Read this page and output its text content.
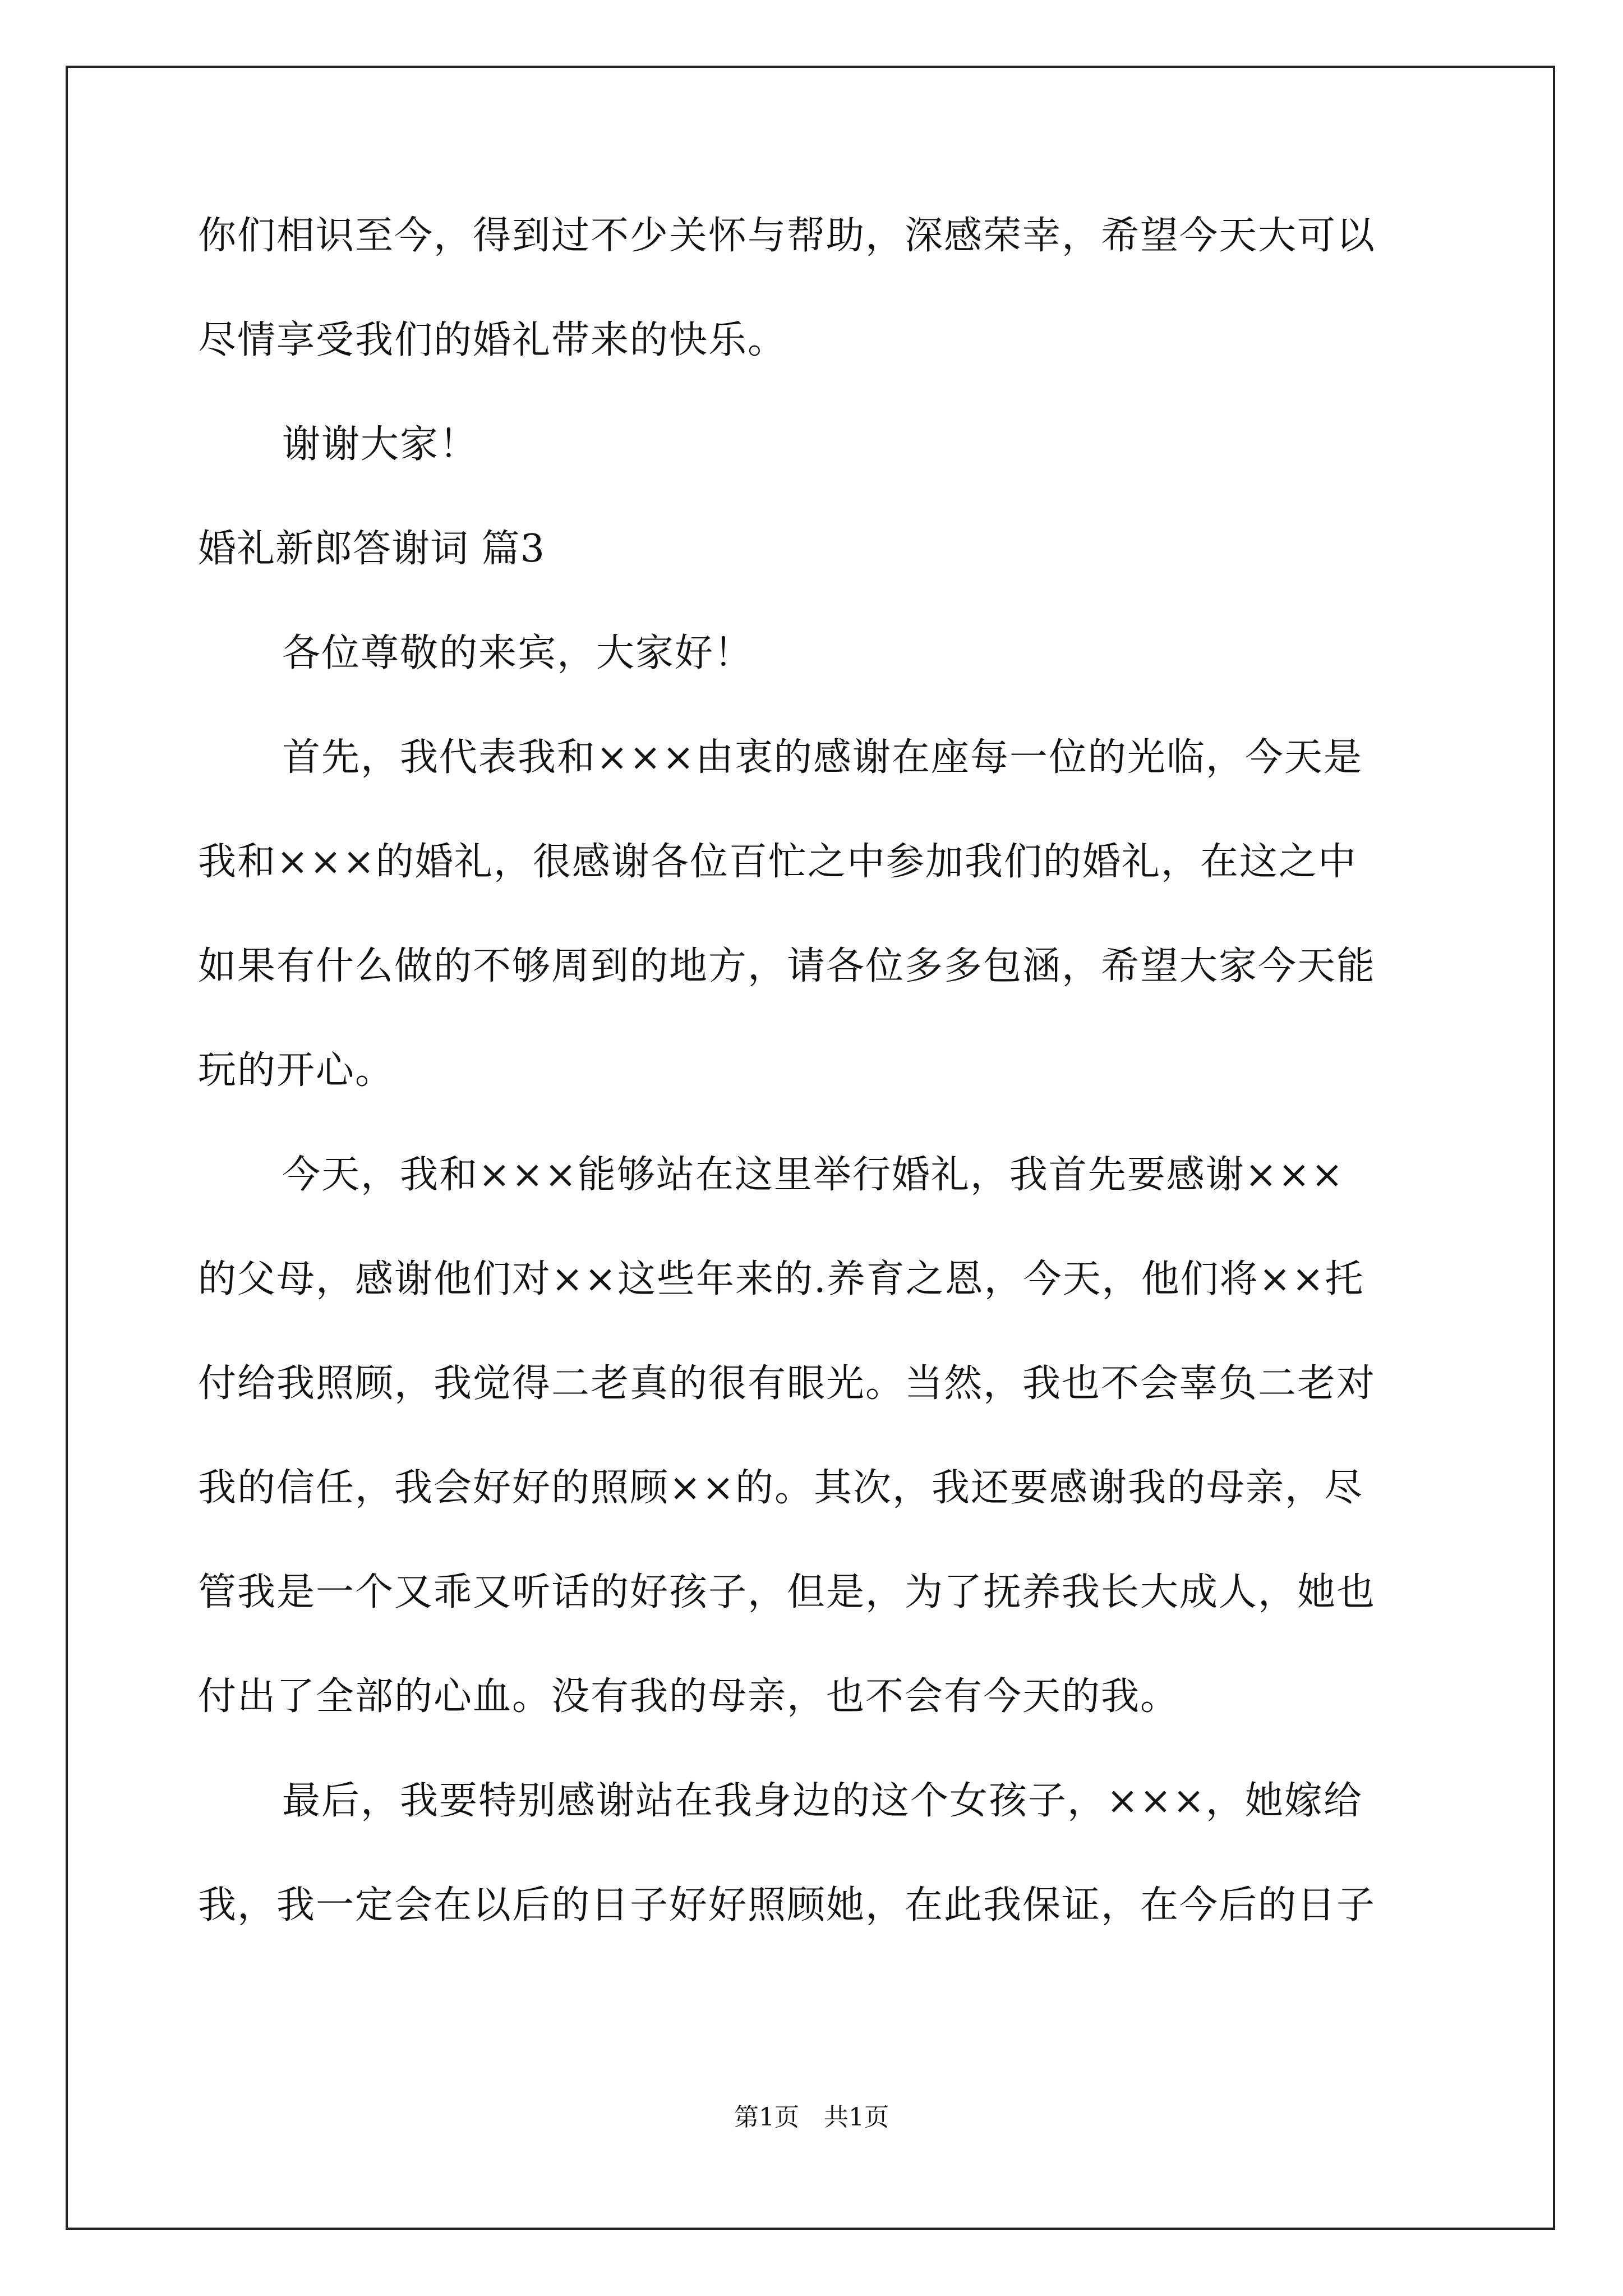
你们相识至今，得到过不少关怀与帮助，深感荣幸，希望今天大可以
尽情享受我们的婚礼带来的快乐。
谢谢大家！
婚礼新郎答谢词 篇3
各位尊敬的来宾，大家好！
首先，我代表我和×××由衷的感谢在座每一位的光临，今天是
我和×××的婚礼，很感谢各位百忙之中参加我们的婚礼，在这之中
如果有什么做的不够周到的地方，请各位多多包涵，希望大家今天能
玩的开心。
今天，我和×××能够站在这里举行婚礼，我首先要感谢×××
的父母，感谢他们对××这些年来的.养育之恩，今天，他们将××托
付给我照顾，我觉得二老真的很有眼光。当然，我也不会辜负二老对
我的信任，我会好好的照顾××的。其次，我还要感谢我的母亲，尽
管我是一个又乖又听话的好孩子，但是，为了抚养我长大成人，她也
付出了全部的心血。没有我的母亲，也不会有今天的我。
最后，我要特别感谢站在我身边的这个女孩子，×××，她嫁给
我，我一定会在以后的日子好好照顾她，在此我保证，在今后的日子
第1页　共1页
